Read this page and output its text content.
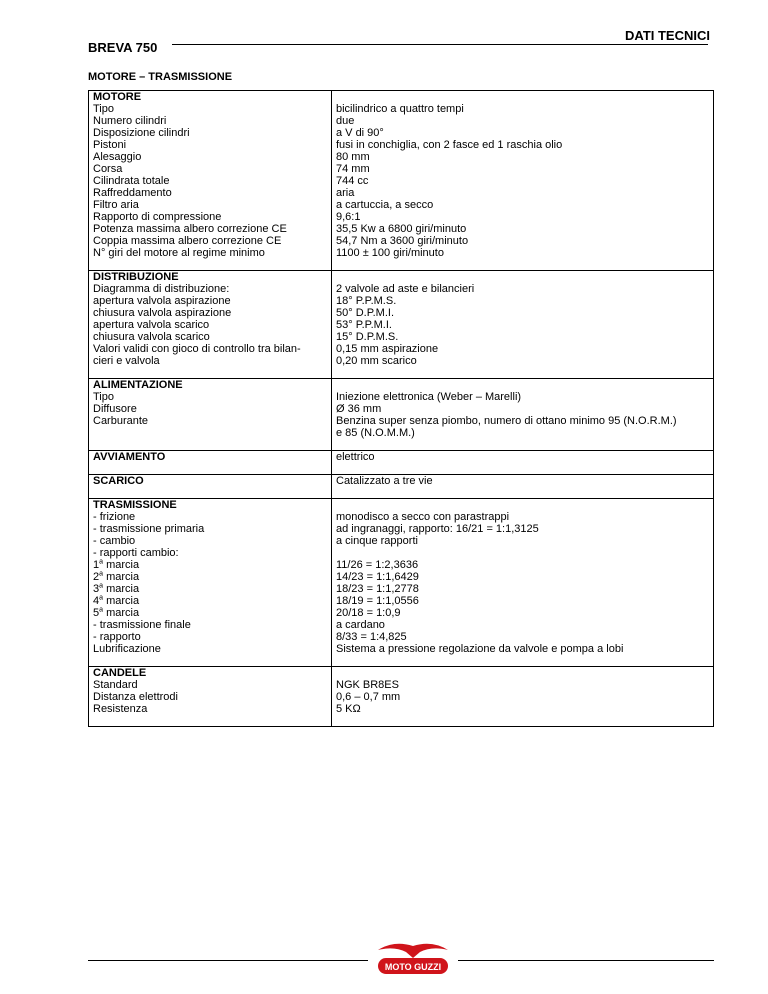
DATI TECNICI
BREVA 750
MOTORE – TRASMISSIONE
MOTORE	
Tipo	bicilindrico a quattro tempi
Numero cilindri	due
Disposizione cilindri	a V di 90°
Pistoni	fusi in conchiglia, con 2 fasce ed 1 raschia olio
Alesaggio	80 mm
Corsa	74 mm
Cilindrata totale	744 cc
Raffreddamento	aria
Filtro aria	a cartuccia, a secco
Rapporto di compressione	9,6:1
Potenza massima albero correzione CE	35,5 Kw a 6800 giri/minuto
Coppia massima albero correzione CE	54,7 Nm a 3600 giri/minuto
N° giri del motore al regime minimo	1100 ± 100 giri/minuto

DISTRIBUZIONE	
Diagramma di distribuzione:	2 valvole ad aste e bilancieri
apertura valvola aspirazione	18° P.P.M.S.
chiusura valvola aspirazione	50° D.P.M.I.
apertura valvola scarico	53° P.P.M.I.
chiusura valvola scarico	15° D.P.M.S.
Valori validi con gioco di controllo tra bilan-	0,15 mm aspirazione
cieri e valvola	0,20 mm scarico

ALIMENTAZIONE	
Tipo	Iniezione elettronica (Weber – Marelli)
Diffusore	Ø 36 mm
Carburante	Benzina super senza piombo, numero di ottano minimo 95 (N.O.R.M.)
	e 85 (N.O.M.M.)

AVVIAMENTO	elettrico

SCARICO	Catalizzato a tre vie

TRASMISSIONE	
- frizione	monodisco a secco con parastrappi
- trasmissione primaria	ad ingranaggi, rapporto: 16/21 = 1:1,3125
- cambio	a cinque rapporti
- rapporti cambio:	
1$^a$ marcia	11/26 = 1:2,3636
2$^a$ marcia	14/23 = 1:1,6429
3$^a$ marcia	18/23 = 1:1,2778
4$^a$ marcia	18/19 = 1:1,0556
5$^a$ marcia	20/18 = 1:0,9
- trasmissione finale	a cardano
- rapporto	8/33 = 1:4,825
Lubrificazione	Sistema a pressione regolazione da valvole e pompa a lobi

CANDELE	
Standard	NGK BR8ES
Distanza elettrodi	0,6 – 0,7 mm
Resistenza	5 KΩ

MOTO GUZZI
